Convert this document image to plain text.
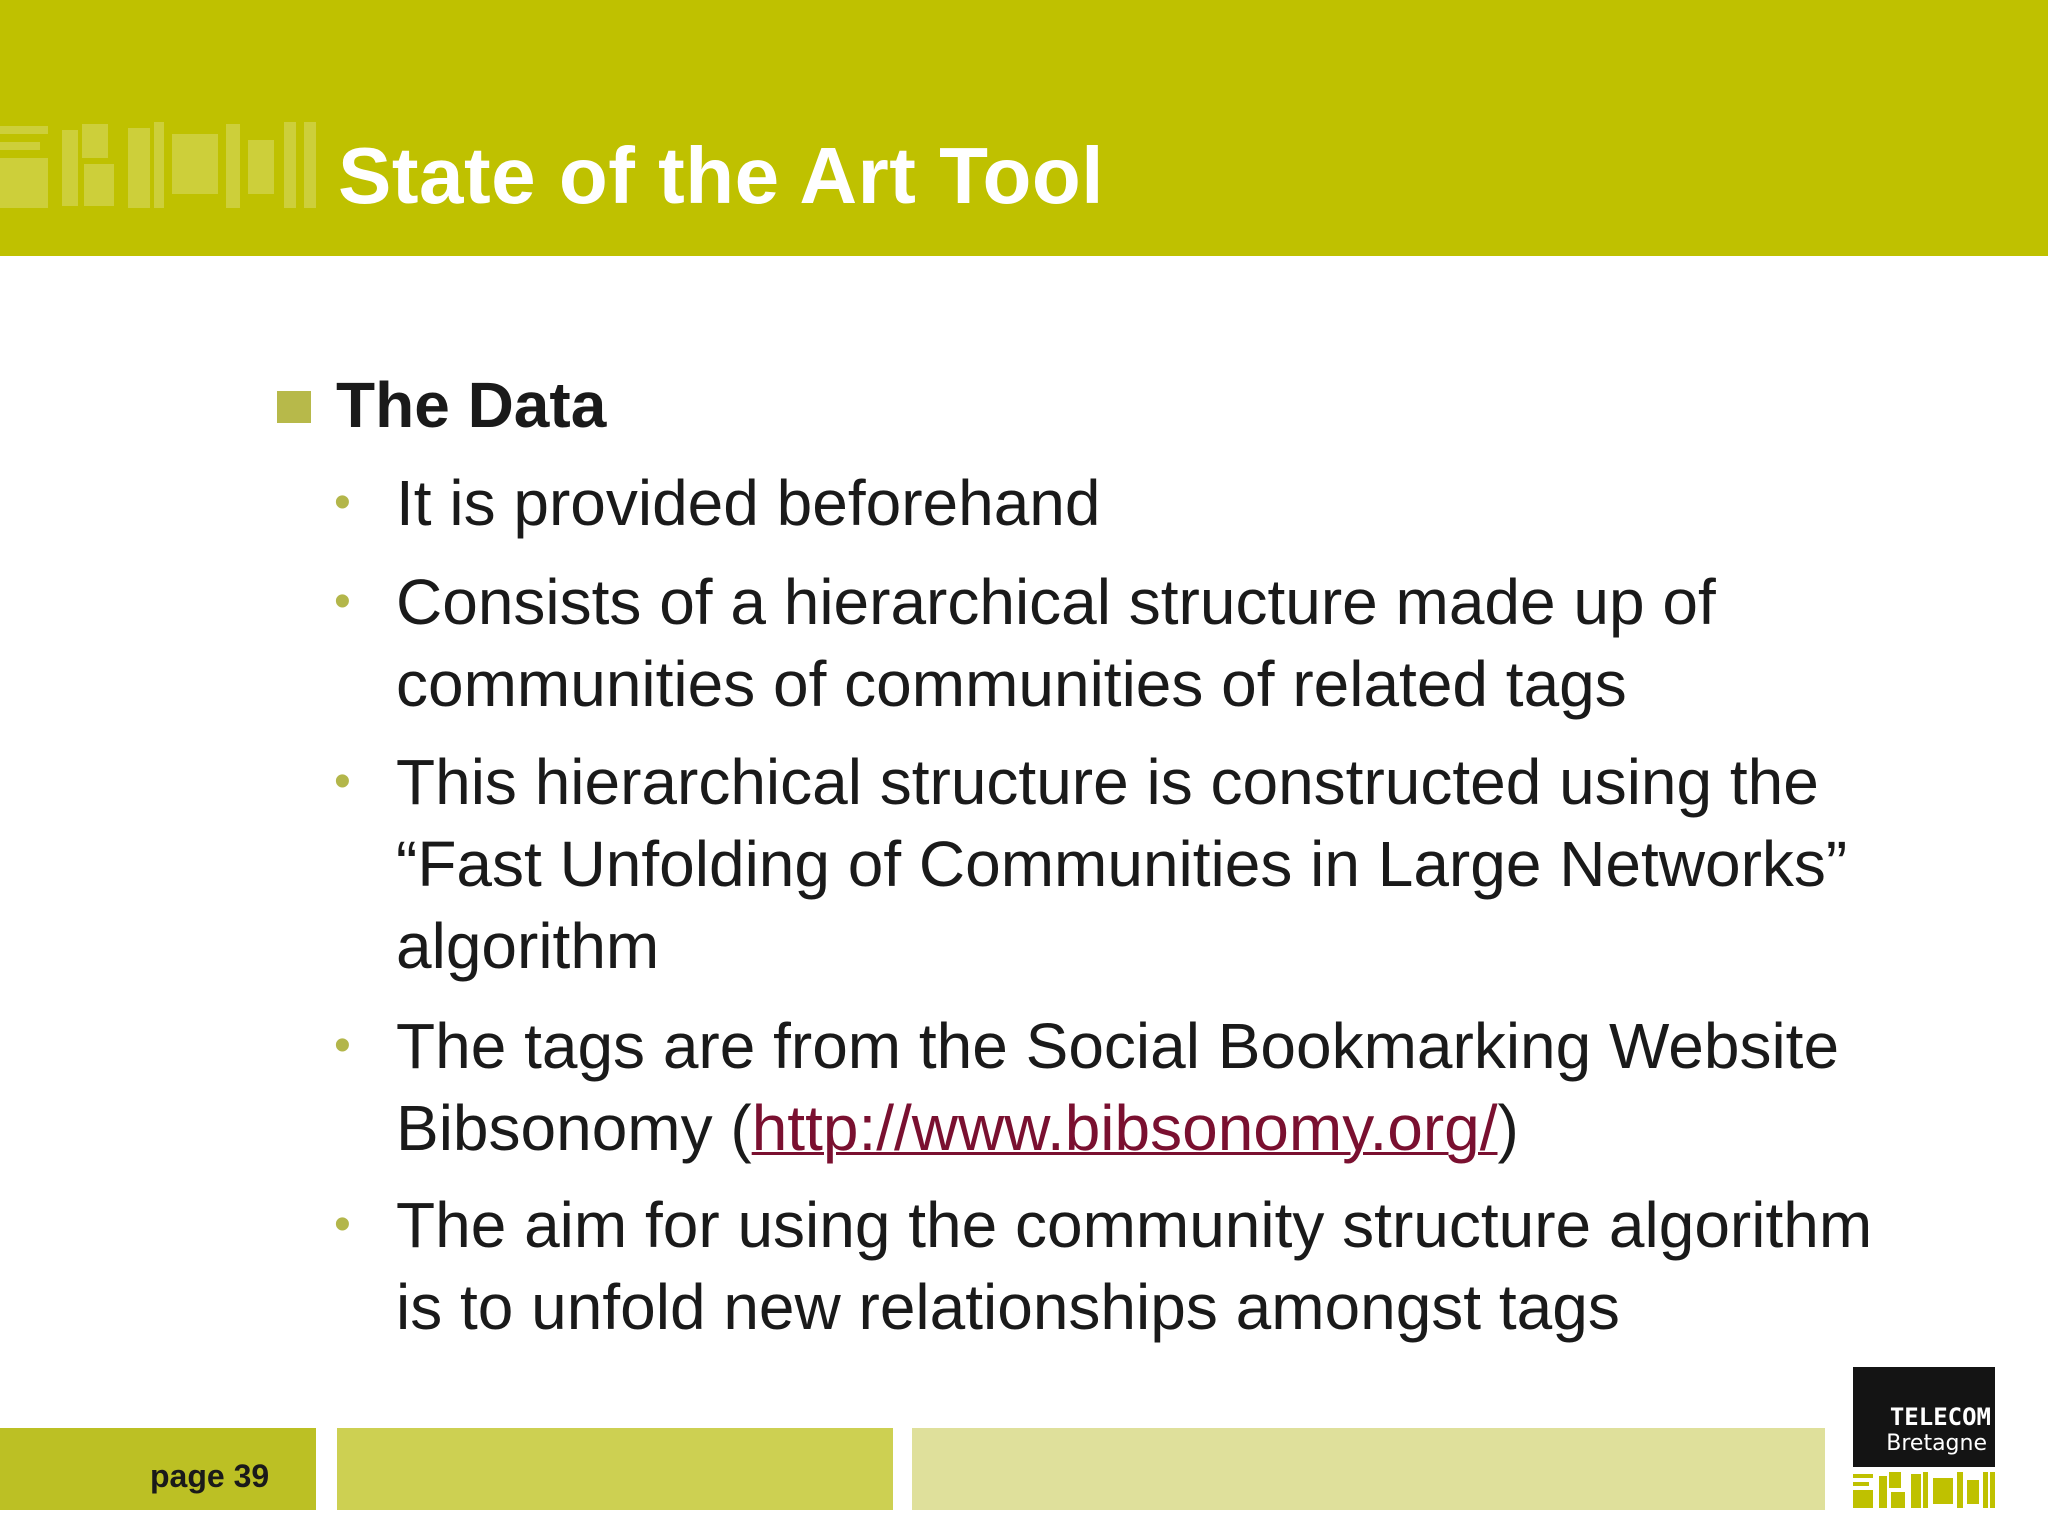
State of the Art Tool
The Data
• It is provided beforehand
• Consists of a hierarchical structure made up of
communities of communities of related tags
• This hierarchical structure is constructed using the
“Fast Unfolding of Communities in Large Networks”
algorithm
• The tags are from the Social Bookmarking Website
Bibsonomy (http://www.bibsonomy.org/)
• The aim for using the community structure algorithm
is to unfold new relationships amongst tags
page 39
TELECOM
Bretagne
